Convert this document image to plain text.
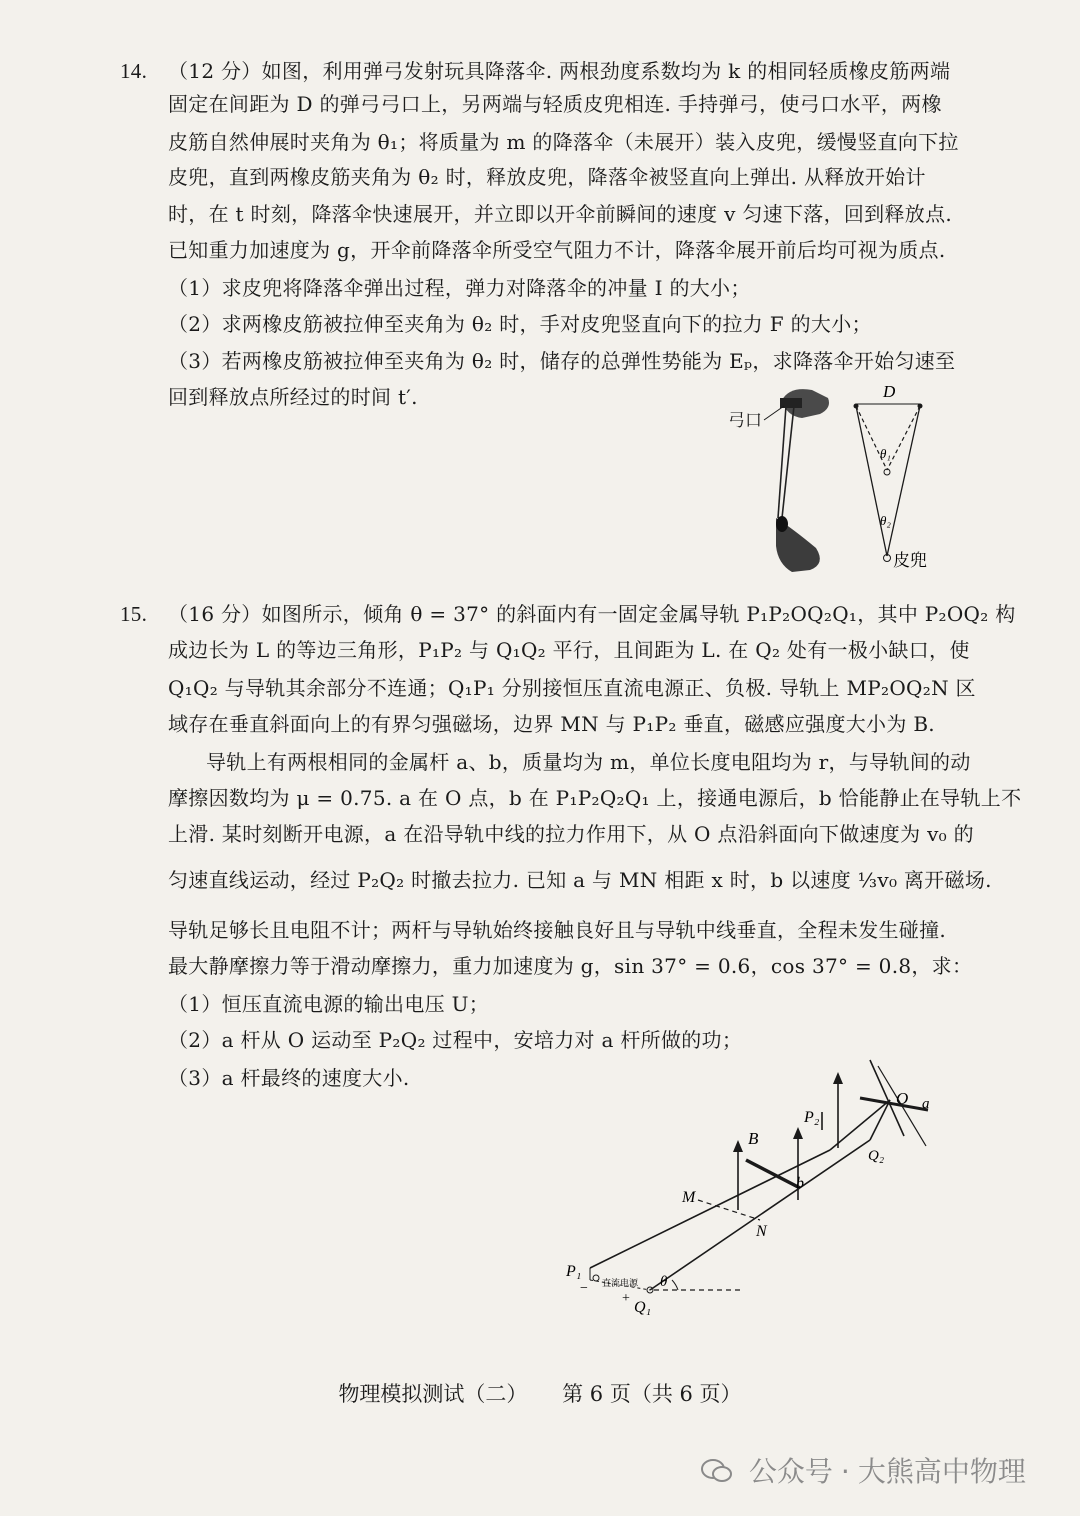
14. （12 分）如图，利用弹弓发射玩具降落伞. 两根劲度系数均为 k 的相同轻质橡皮筋两端
固定在间距为 D 的弹弓弓口上，另两端与轻质皮兜相连. 手持弹弓，使弓口水平，两橡
皮筋自然伸展时夹角为 θ₁；将质量为 m 的降落伞（未展开）装入皮兜，缓慢竖直向下拉
皮兜，直到两橡皮筋夹角为 θ₂ 时，释放皮兜，降落伞被竖直向上弹出. 从释放开始计
时，在 t 时刻，降落伞快速展开，并立即以开伞前瞬间的速度 v 匀速下落，回到释放点.
已知重力加速度为 g，开伞前降落伞所受空气阻力不计，降落伞展开前后均可视为质点.
（1）求皮兜将降落伞弹出过程，弹力对降落伞的冲量 I 的大小；
（2）求两橡皮筋被拉伸至夹角为 θ₂ 时，手对皮兜竖直向下的拉力 F 的大小；
（3）若两橡皮筋被拉伸至夹角为 θ₂ 时，储存的总弹性势能为 Eₚ，求降落伞开始匀速至
回到释放点所经过的时间 t′.
弓口
D
θ₁
θ₂
皮兜
15. （16 分）如图所示，倾角 θ = 37° 的斜面内有一固定金属导轨 P₁P₂OQ₂Q₁，其中 P₂OQ₂ 构
成边长为 L 的等边三角形，P₁P₂ 与 Q₁Q₂ 平行，且间距为 L. 在 Q₂ 处有一极小缺口，使
Q₁Q₂ 与导轨其余部分不连通；Q₁P₁ 分别接恒压直流电源正、负极. 导轨上 MP₂OQ₂N 区
域存在垂直斜面向上的有界匀强磁场，边界 MN 与 P₁P₂ 垂直，磁感应强度大小为 B.
导轨上有两根相同的金属杆 a、b，质量均为 m，单位长度电阻均为 r，与导轨间的动
摩擦因数均为 μ = 0.75. a 在 O 点，b 在 P₁P₂Q₂Q₁ 上，接通电源后，b 恰能静止在导轨上不
上滑. 某时刻断开电源，a 在沿导轨中线的拉力作用下，从 O 点沿斜面向下做速度为 v₀ 的
匀速直线运动，经过 P₂Q₂ 时撤去拉力. 已知 a 与 MN 相距 x 时，b 以速度 ⅓v₀ 离开磁场.
导轨足够长且电阻不计；两杆与导轨始终接触良好且与导轨中线垂直，全程未发生碰撞.
最大静摩擦力等于滑动摩擦力，重力加速度为 g，sin 37° = 0.6，cos 37° = 0.8，求：
（1）恒压直流电源的输出电压 U；
（2）a 杆从 O 运动至 P₂Q₂ 过程中，安培力对 a 杆所做的功；
（3）a 杆最终的速度大小.
B
P₂
O a
Q₂
M
b
N
P₁
Q₁
θ
直流电源
−
+
物理模拟测试（二） 第 6 页（共 6 页）
公众号 · 大熊高中物理
